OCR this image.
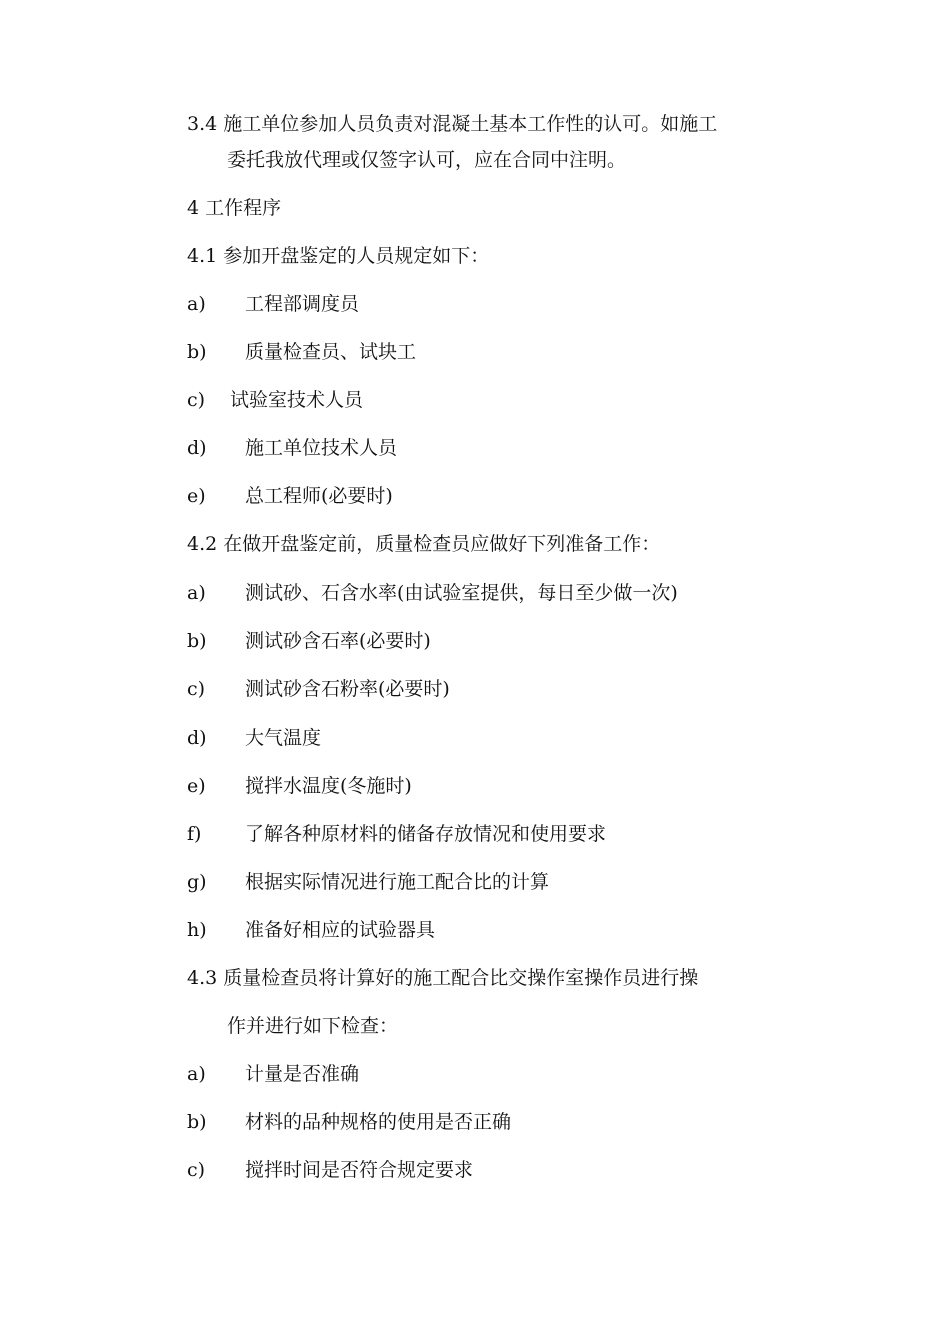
3.4 施工单位参加人员负责对混凝土基本工作性的认可。如施工
委托我放代理或仅签字认可，应在合同中注明。
4 工作程序
4.1 参加开盘鉴定的人员规定如下：
a) 工程部调度员
b) 质量检查员、试块工
c) 试验室技术人员
d) 施工单位技术人员
e) 总工程师(必要时)
4.2 在做开盘鉴定前，质量检查员应做好下列准备工作：
a) 测试砂、石含水率(由试验室提供，每日至少做一次)
b) 测试砂含石率(必要时)
c) 测试砂含石粉率(必要时)
d) 大气温度
e) 搅拌水温度(冬施时)
f) 了解各种原材料的储备存放情况和使用要求
g) 根据实际情况进行施工配合比的计算
h) 准备好相应的试验器具
4.3 质量检查员将计算好的施工配合比交操作室操作员进行操
作并进行如下检查：
a) 计量是否准确
b) 材料的品种规格的使用是否正确
c) 搅拌时间是否符合规定要求
